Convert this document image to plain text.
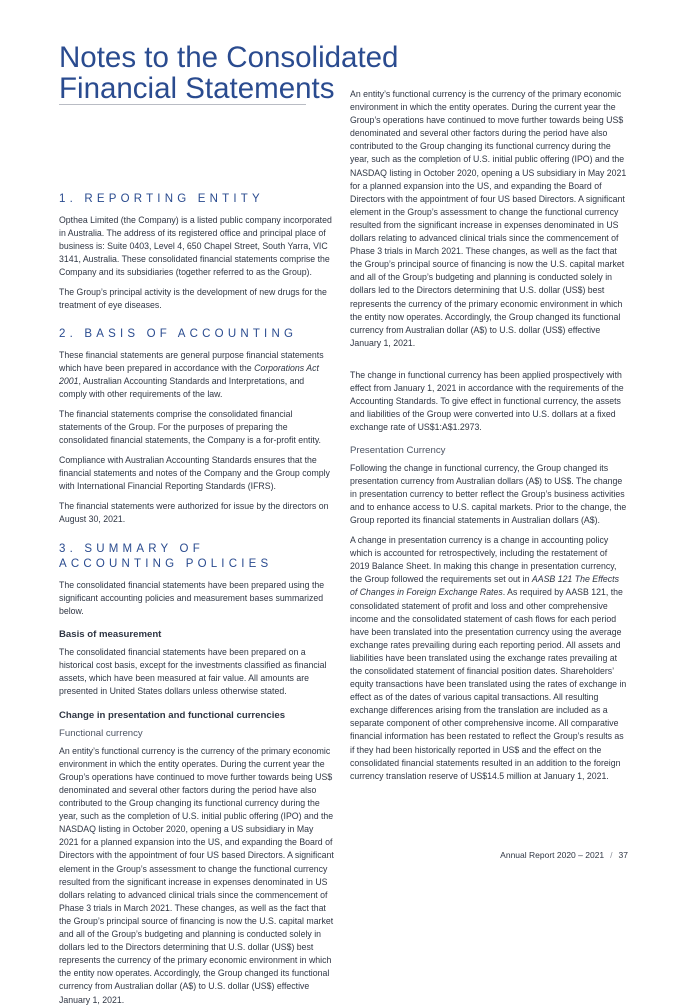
Notes to the Consolidated
Financial Statements
1. REPORTING ENTITY

Opthea Limited (the Company) is a listed public company incorporated in Australia. The address of its registered office and principal place of business is: Suite 0403, Level 4, 650 Chapel Street, South Yarra, VIC 3141, Australia. These consolidated financial statements comprise the Company and its subsidiaries (together referred to as the Group).

The Group’s principal activity is the development of new drugs for the treatment of eye diseases.

2. BASIS OF ACCOUNTING

These financial statements are general purpose financial statements which have been prepared in accordance with the Corporations Act 2001, Australian Accounting Standards and Interpretations, and comply with other requirements of the law.

The financial statements comprise the consolidated financial statements of the Group. For the purposes of preparing the consolidated financial statements, the Company is a for-profit entity.

Compliance with Australian Accounting Standards ensures that the financial statements and notes of the Company and the Group comply with International Financial Reporting Standards (IFRS).

The financial statements were authorized for issue by the directors on August 30, 2021.

3. SUMMARY OF
ACCOUNTING POLICIES

The consolidated financial statements have been prepared using the significant accounting policies and measurement bases summarized below.

Basis of measurement

The consolidated financial statements have been prepared on a historical cost basis, except for the investments classified as financial assets, which have been measured at fair value. All amounts are presented in United States dollars unless otherwise stated.

Change in presentation and functional currencies
Functional currency

An entity’s functional currency is the currency of the primary economic environment in which the entity operates. During the current year the Group’s operations have continued to move further towards being US$ denominated and several other factors during the period have also contributed to the Group changing its functional currency during the year, such as the completion of U.S. initial public offering (IPO) and the NASDAQ listing in October 2020, opening a US subsidiary in May 2021 for a planned expansion into the US, and expanding the Board of Directors with the appointment of four US based Directors. A significant element in the Group’s assessment to change the functional currency resulted from the significant increase in expenses denominated in US dollars relating to advanced clinical trials since the commencement of Phase 3 trials in March 2021. These changes, as well as the fact that the Group’s principal source of financing is now the U.S. capital market and all of the Group’s budgeting and planning is conducted solely in dollars led to the Directors determining that U.S. dollar (US$) best represents the currency of the primary economic environment in which the entity now operates. Accordingly, the Group changed its functional currency from Australian dollar (A$) to U.S. dollar (US$) effective January 1, 2021.

An entity’s functional currency is the currency of the primary economic environment in which the entity operates. During the current year the Group’s operations have continued to move further towards being US$ denominated and several other factors during the period have also contributed to the Group changing its functional currency during the year, such as the completion of U.S. initial public offering (IPO) and the NASDAQ listing in October 2020, opening a US subsidiary in May 2021 for a planned expansion into the US, and expanding the Board of Directors with the appointment of four US based Directors. A significant element in the Group’s assessment to change the functional currency resulted from the significant increase in expenses denominated in US dollars relating to advanced clinical trials since the commencement of Phase 3 trials in March 2021. These changes, as well as the fact that the Group’s principal source of financing is now the U.S. capital market and all of the Group’s budgeting and planning is conducted solely in dollars led to the Directors determining that U.S. dollar (US$) best represents the currency of the primary economic environment in which the entity now operates. Accordingly, the Group changed its functional currency from Australian dollar (A$) to U.S. dollar (US$) effective January 1, 2021.

The change in functional currency has been applied prospectively with effect from January 1, 2021 in accordance with the requirements of the Accounting Standards. To give effect in functional currency, the assets and liabilities of the Group were converted into U.S. dollars at a fixed exchange rate of US$1:A$1.2973.

Presentation Currency

Following the change in functional currency, the Group changed its presentation currency from Australian dollars (A$) to US$. The change in presentation currency to better reflect the Group’s business activities and to enhance access to U.S. capital markets. Prior to the change, the Group reported its financial statements in Australian dollars (A$).

A change in presentation currency is a change in accounting policy which is accounted for retrospectively, including the restatement of 2019 Balance Sheet. In making this change in presentation currency, the Group followed the requirements set out in AASB 121 The Effects of Changes in Foreign Exchange Rates. As required by AASB 121, the consolidated statement of profit and loss and other comprehensive income and the consolidated statement of cash flows for each period have been translated into the presentation currency using the average exchange rates prevailing during each reporting period. All assets and liabilities have been translated using the exchange rates prevailing at the consolidated statement of financial position dates. Shareholders’ equity transactions have been translated using the rates of exchange in effect as of the dates of various capital transactions. All resulting exchange differences arising from the translation are included as a separate component of other comprehensive income. All comparative financial information has been restated to reflect the Group’s results as if they had been historically reported in US$ and the effect on the consolidated financial statements resulted in an addition to the foreign currency translation reserve of US$14.5 million at January 1, 2021.

Annual Report 2020 – 2021 / 37
